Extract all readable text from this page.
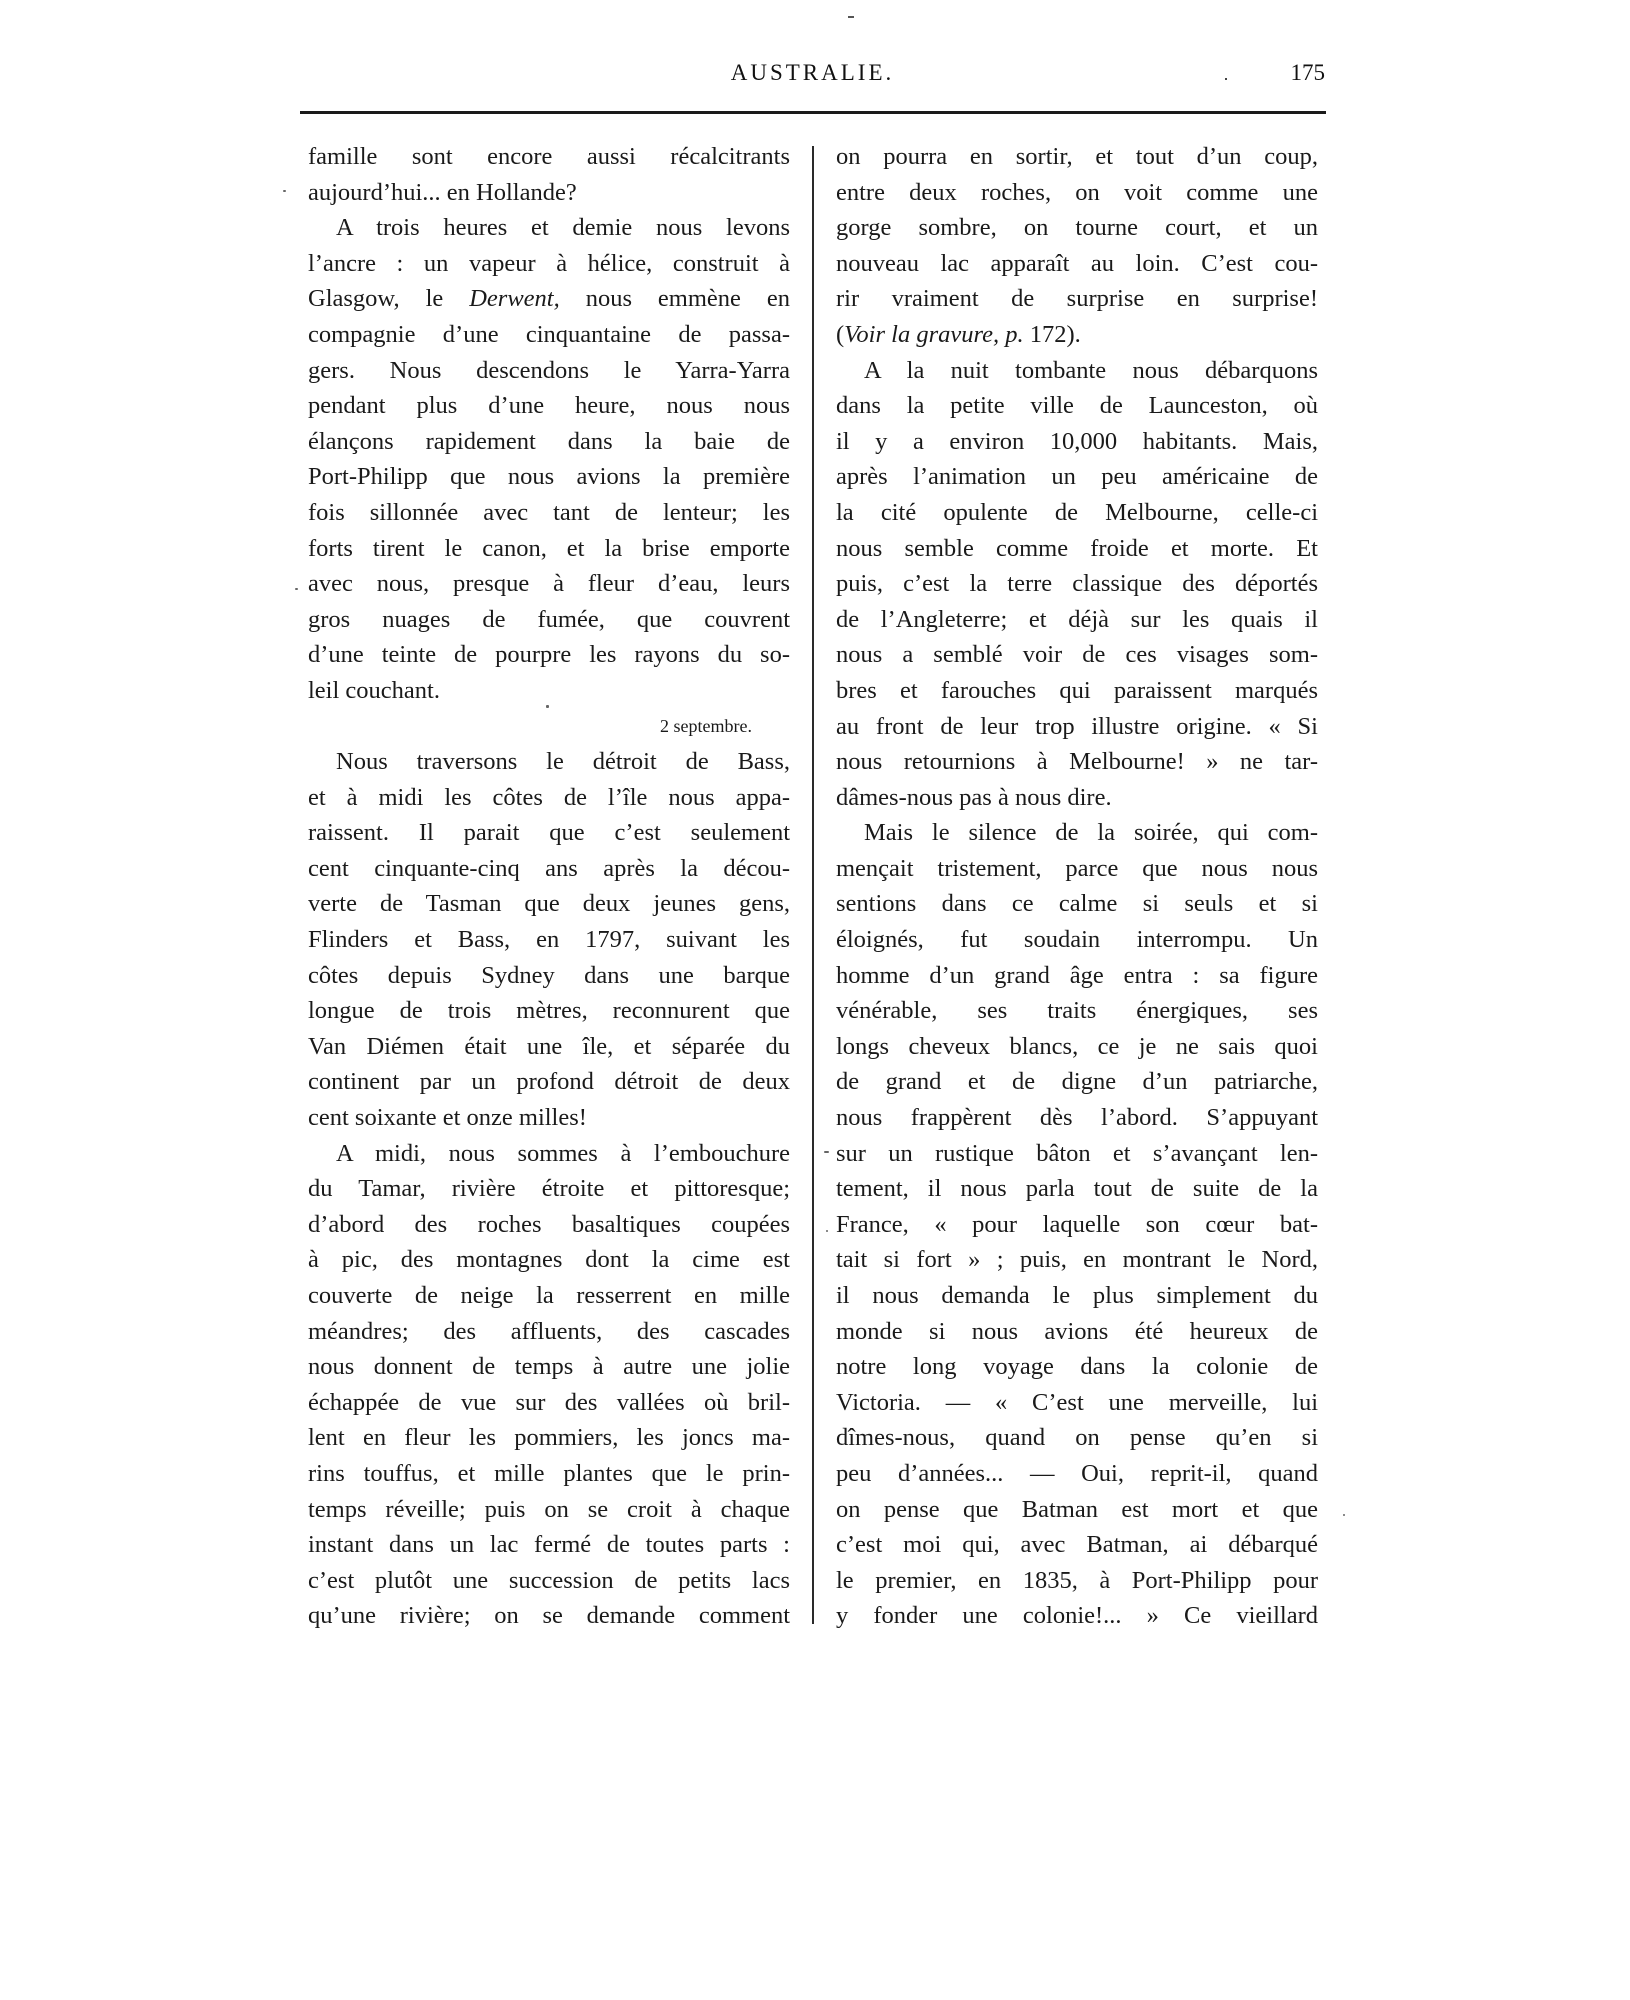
AUSTRALIE.	175
famille sont encore aussi récalcitrants
aujourd’hui... en Hollande?
A trois heures et demie nous levons
l’ancre : un vapeur à hélice, construit à
Glasgow, le Derwent, nous emmène en
compagnie d’une cinquantaine de passa-
gers. Nous descendons le Yarra-Yarra
pendant plus d’une heure, nous nous
élançons rapidement dans la baie de
Port-Philipp que nous avions la première
fois sillonnée avec tant de lenteur; les
forts tirent le canon, et la brise emporte
avec nous, presque à fleur d’eau, leurs
gros nuages de fumée, que couvrent
d’une teinte de pourpre les rayons du so-
leil couchant.
2 septembre.
Nous traversons le détroit de Bass,
et à midi les côtes de l’île nous appa-
raissent. Il parait que c’est seulement
cent cinquante-cinq ans après la décou-
verte de Tasman que deux jeunes gens,
Flinders et Bass, en 1797, suivant les
côtes depuis Sydney dans une barque
longue de trois mètres, reconnurent que
Van Diémen était une île, et séparée du
continent par un profond détroit de deux
cent soixante et onze milles!
A midi, nous sommes à l’embouchure
du Tamar, rivière étroite et pittoresque;
d’abord des roches basaltiques coupées
à pic, des montagnes dont la cime est
couverte de neige la resserrent en mille
méandres; des affluents, des cascades
nous donnent de temps à autre une jolie
échappée de vue sur des vallées où bril-
lent en fleur les pommiers, les joncs ma-
rins touffus, et mille plantes que le prin-
temps réveille; puis on se croit à chaque
instant dans un lac fermé de toutes parts :
c’est plutôt une succession de petits lacs
qu’une rivière; on se demande comment
on pourra en sortir, et tout d’un coup,
entre deux roches, on voit comme une
gorge sombre, on tourne court, et un
nouveau lac apparaît au loin. C’est cou-
rir vraiment de surprise en surprise!
(Voir la gravure, p. 172).
A la nuit tombante nous débarquons
dans la petite ville de Launceston, où
il y a environ 10,000 habitants. Mais,
après l’animation un peu américaine de
la cité opulente de Melbourne, celle-ci
nous semble comme froide et morte. Et
puis, c’est la terre classique des déportés
de l’Angleterre; et déjà sur les quais il
nous a semblé voir de ces visages som-
bres et farouches qui paraissent marqués
au front de leur trop illustre origine. « Si
nous retournions à Melbourne! » ne tar-
dâmes-nous pas à nous dire.
Mais le silence de la soirée, qui com-
mençait tristement, parce que nous nous
sentions dans ce calme si seuls et si
éloignés, fut soudain interrompu. Un
homme d’un grand âge entra : sa figure
vénérable, ses traits énergiques, ses
longs cheveux blancs, ce je ne sais quoi
de grand et de digne d’un patriarche,
nous frappèrent dès l’abord. S’appuyant
sur un rustique bâton et s’avançant len-
tement, il nous parla tout de suite de la
France, « pour laquelle son cœur bat-
tait si fort » ; puis, en montrant le Nord,
il nous demanda le plus simplement du
monde si nous avions été heureux de
notre long voyage dans la colonie de
Victoria. — « C’est une merveille, lui
dîmes-nous, quand on pense qu’en si
peu d’années... — Oui, reprit-il, quand
on pense que Batman est mort et que
c’est moi qui, avec Batman, ai débarqué
le premier, en 1835, à Port-Philipp pour
y fonder une colonie!... » Ce vieillard
